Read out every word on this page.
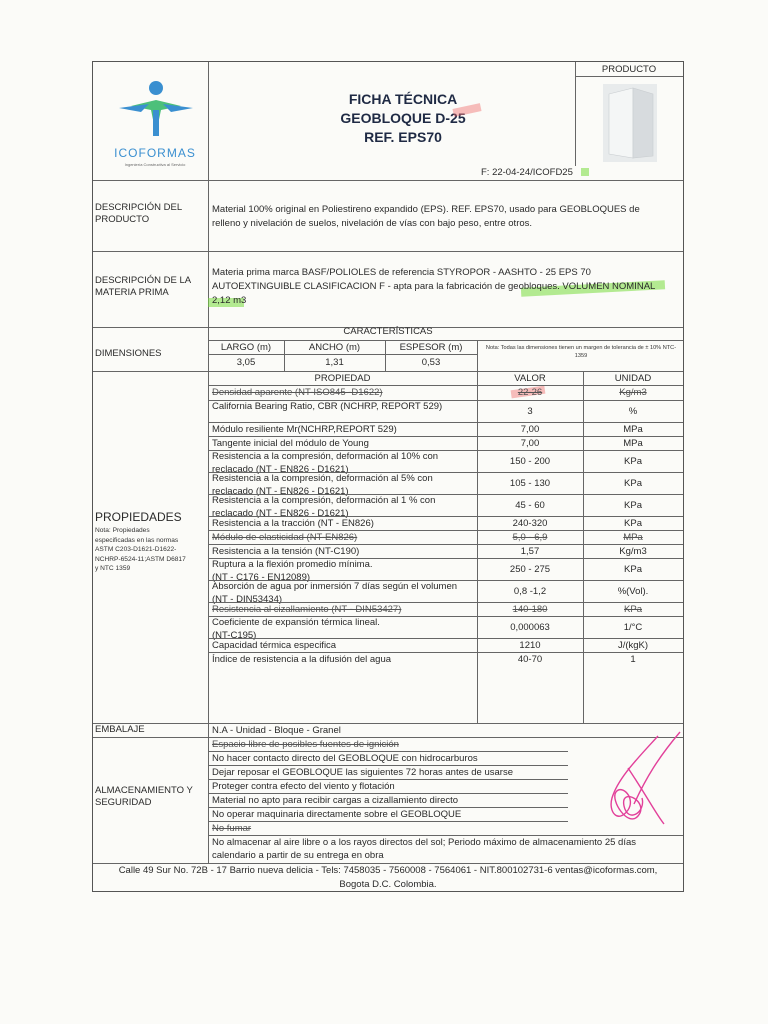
ICOFORMAS
Ingeniería Constructiva al Servicio
FICHA TÉCNICA
GEOBLOQUE D-25
REF. EPS70
PRODUCTO
F: 22-04-24/ICOFD25
DESCRIPCIÓN DEL PRODUCTO
Material 100% original en Poliestireno expandido (EPS). REF. EPS70, usado para GEOBLOQUES de
relleno y nivelación de suelos, nivelación de vías con bajo peso, entre otros.
DESCRIPCIÓN DE LA MATERIA PRIMA
Materia prima marca BASF/POLIOLES de referencia STYROPOR - AASHTO - 25 EPS 70
AUTOEXTINGUIBLE CLASIFICACION F - apta para la fabricación de geobloques. VOLUMEN NOMINAL
2,12 m3
CARACTERÍSTICAS
DIMENSIONES
LARGO (m)	ANCHO (m)	ESPESOR (m)
3,05	1,31	0,53
Nota: Todas las dimensiones tienen un margen de tolerancia de ± 10% NTC-1359
PROPIEDAD	VALOR	UNIDAD
PROPIEDADES
Nota: Propiedades
especificadas en las normas
ASTM C203-D1621-D1622-
NCHRP-6524-11;ASTM D6817
y NTC 1359
Densidad aparente (NT-ISO845 -D1622)	22-26	Kg/m3
California Bearing Ratio, CBR (NCHRP, REPORT 529)	3	%
Módulo resiliente Mr(NCHRP,REPORT 529)	7,00	MPa
Tangente inicial del módulo de Young	7,00	MPa
Resistencia a la compresión, deformación al 10% con
reclacado (NT - EN826 - D1621)
150 - 200	KPa
Resistencia a la compresión, deformación al 5% con
reclacado (NT - EN826 - D1621)
105 - 130	KPa
Resistencia a la compresión, deformación al 1 % con
reclacado (NT - EN826 - D1621)
45 - 60	KPa
Resistencia a la tracción (NT - EN826)	240-320	KPa
Módulo de elasticidad (NT-EN826)	5,0 - 6,9	MPa
Resistencia a la tensión (NT-C190)	1,57	Kg/m3
Ruptura a la flexión promedio mínima.
(NT - C176 - EN12089)
250 - 275	KPa
Absorción de agua por inmersión 7 días según el volumen
(NT - DIN53434)
0,8 -1,2	%(Vol).
Resistencia al cizallamiento (NT - DIN53427)	140-180	KPa
Coeficiente de expansión térmica lineal.
(NT-C195)
0,000063	1/°C
Capacidad térmica especifica	1210	J/(kgK)
Índice de resistencia a la difusión del agua	40-70	1
EMBALAJE	N.A - Unidad - Bloque - Granel
ALMACENAMIENTO Y SEGURIDAD
Espacio libre de posibles fuentes de ignición
No hacer contacto directo del GEOBLOQUE con hidrocarburos
Dejar reposar el GEOBLOQUE las siguientes 72 horas antes de usarse
Proteger contra efecto del viento y flotación
Material no apto para recibir cargas a cizallamiento directo
No operar maquinaria directamente sobre el GEOBLOQUE
No fumar
No almacenar al aire libre o a los rayos directos del sol; Periodo máximo de almacenamiento 25 días
calendario a partir de su entrega en obra
Calle 49 Sur No. 72B - 17 Barrio nueva delicia - Tels: 7458035 - 7560008 - 7564061 - NIT.800102731-6 ventas@icoformas.com,
Bogota D.C. Colombia.
